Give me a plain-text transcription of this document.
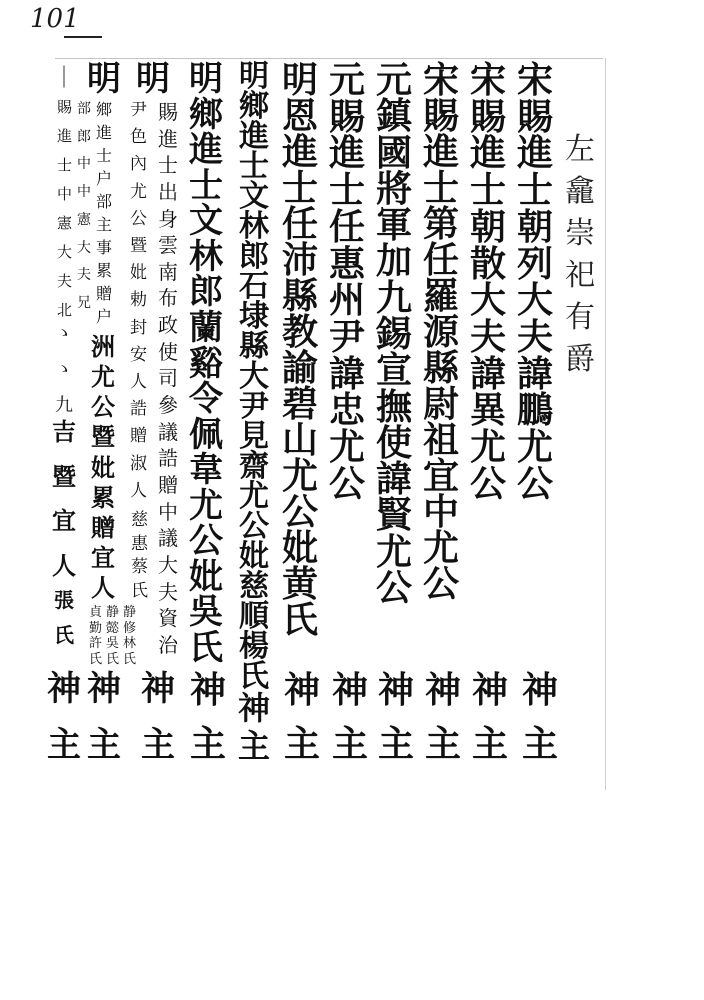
101
左
龕
崇
祀
有
爵
宋
賜
進
士
朝
列
大
夫
諱
鵬
尤
公
神
主
宋
賜
進
士
朝
散
大
夫
諱
異
尤
公
神
主
宋
賜
進
士
第
任
羅
源
縣
尉
祖
宜
中
尤
公
神
主
元
鎮
國
將
軍
加
九
錫
宣
撫
使
諱
賢
尤
公
神
主
元
賜
進
士
任
惠
州
尹
諱
忠
尤
公
神
主
明
恩
進
士
任
沛
縣
教
諭
碧
山
尤
公
妣
黄
氏
神
主
明
鄉
進
士
文
林
郎
石
埭
縣
大
尹
見
齋
尤
公
妣
慈
順
楊
氏
神
主
明
鄉
進
士
文
林
郎
蘭
谿
令
佩
韋
尤
公
妣
吳
氏
神
主
明
賜
進
士
出
身
雲
南
布
政
使
司
參
議
誥
贈
中
議
大
夫
資
治
尹
色
內
尤
公
暨
妣
勅
封
安
人
誥
贈
淑
人
慈
惠
蔡
氏
神
主
明
鄉
進
士
户
部
主
事
累
贈
户
部
郎
中
中
憲
大
夫
兄
洲
尤
公
暨
妣
累
贈
宜
人
貞
勤
許
氏
静
懿
吳
氏
静
修
林
氏
神
主
｜
賜
進
士
中
憲
大
夫
北
ゝ
ゝ
九
吉
暨
宜
人
張
氏
神
主
